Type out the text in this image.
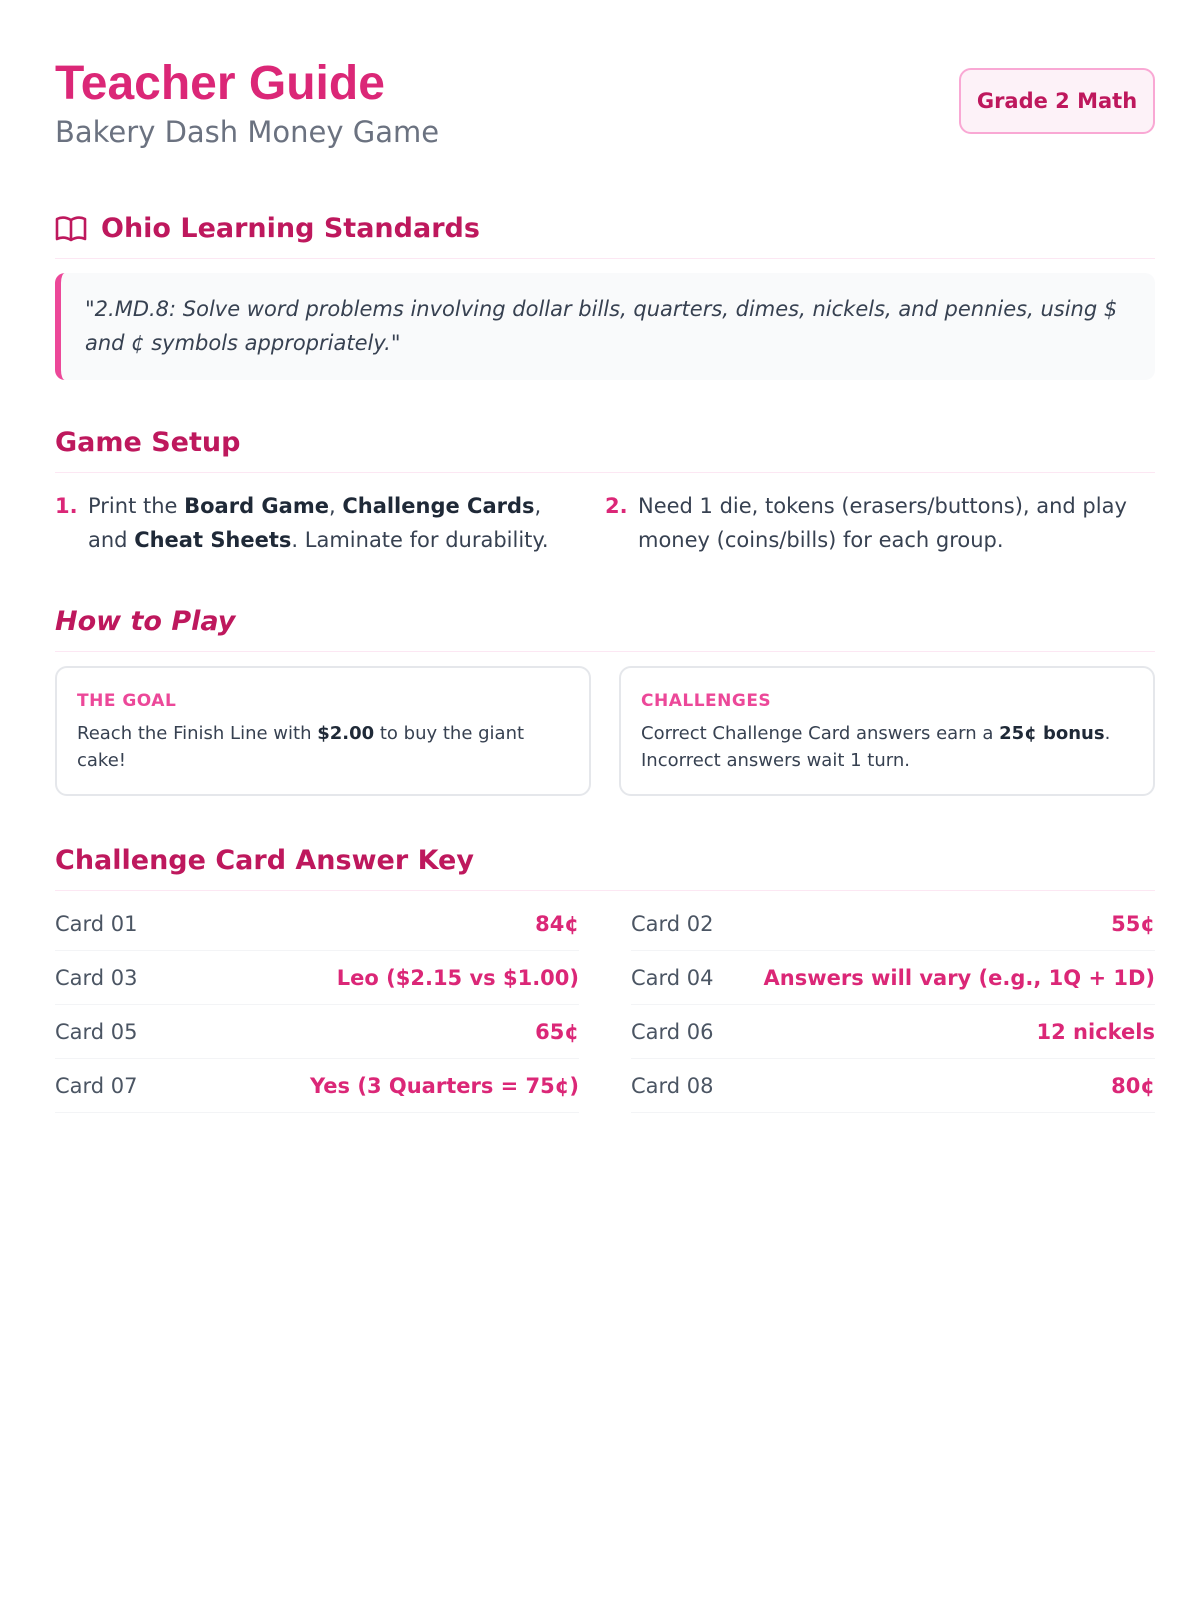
Teacher Guide
Bakery Dash Money Game
Grade 2 Math
Ohio Learning Standards
"2.MD.8: Solve word problems involving dollar bills, quarters, dimes, nickels, and pennies, using $ and ¢ symbols appropriately."
Game Setup
1. Print the Board Game, Challenge Cards, and Cheat Sheets. Laminate for durability.
2. Need 1 die, tokens (erasers/buttons), and play money (coins/bills) for each group.
How to Play
THE GOAL
Reach the Finish Line with $2.00 to buy the giant cake!
CHALLENGES
Correct Challenge Card answers earn a 25¢ bonus. Incorrect answers wait 1 turn.
Challenge Card Answer Key
Card 01	84¢
Card 03	Leo ($2.15 vs $1.00)
Card 05	65¢
Card 07	Yes (3 Quarters = 75¢)
Card 02	55¢
Card 04 Answers will vary (e.g., 1Q + 1D)
Card 06	12 nickels
Card 08	80¢
